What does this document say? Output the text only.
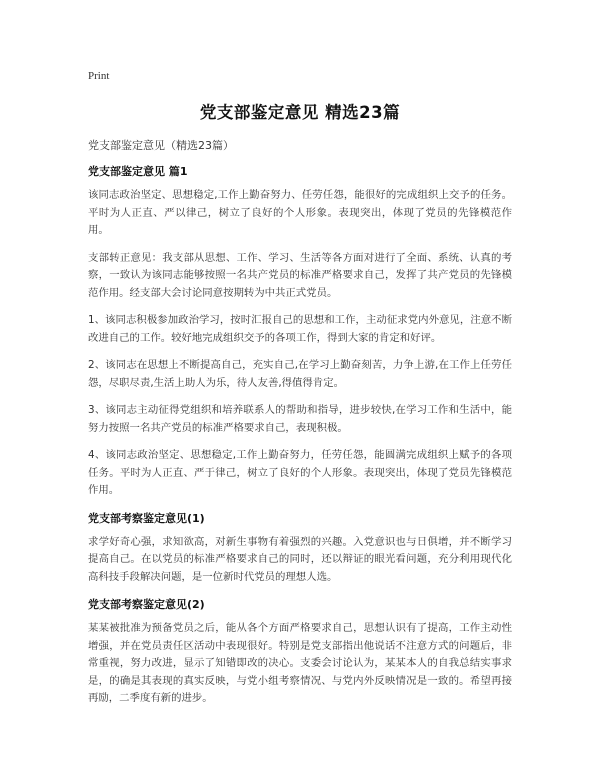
Print
党支部鉴定意见 精选23篇
党支部鉴定意见（精选23篇）
党支部鉴定意见 篇1

该同志政治坚定、思想稳定,工作上勤奋努力、任劳任怨，能很好的完成组织上交予的任务。平时为人正直、严以律己，树立了良好的个人形象。表现突出，体现了党员的先锋模范作用。

支部转正意见：我支部从思想、工作、学习、生活等各方面对进行了全面、系统、认真的考察，一致认为该同志能够按照一名共产党员的标准严格要求自己，发挥了共产党员的先锋模范作用。经支部大会讨论同意按期转为中共正式党员。

1、该同志积极参加政治学习，按时汇报自己的思想和工作，主动征求党内外意见，注意不断改进自己的工作。较好地完成组织交予的各项工作，得到大家的肯定和好评。

2、该同志在思想上不断提高自己，充实自己,在学习上勤奋刻苦，力争上游,在工作上任劳任怨，尽职尽责,生活上助人为乐，待人友善,得值得肯定。

3、该同志主动征得党组织和培养联系人的帮助和指导，进步较快,在学习工作和生活中，能努力按照一名共产党员的标准严格要求自己，表现积极。

4、该同志政治坚定、思想稳定,工作上勤奋努力，任劳任怨，能圆满完成组织上赋予的各项任务。平时为人正直、严于律己，树立了良好的个人形象。表现突出，体现了党员先锋模范作用。

党支部考察鉴定意见(1)

求学好奇心强，求知欲高，对新生事物有着强烈的兴趣。入党意识也与日俱增，并不断学习提高自己。在以党员的标准严格要求自己的同时，还以辩证的眼光看问题，充分利用现代化高科技手段解决问题，是一位新时代党员的理想人选。

党支部考察鉴定意见(2)

某某被批准为预备党员之后，能从各个方面严格要求自己，思想认识有了提高，工作主动性增强，并在党员责任区活动中表现很好。特别是党支部指出他说话不注意方式的问题后，非常重视，努力改进，显示了知错即改的决心。支委会讨论认为，某某本人的自我总结实事求是，的确是其表现的真实反映，与党小组考察情况、与党内外反映情况是一致的。希望再接再励，二季度有新的进步。
